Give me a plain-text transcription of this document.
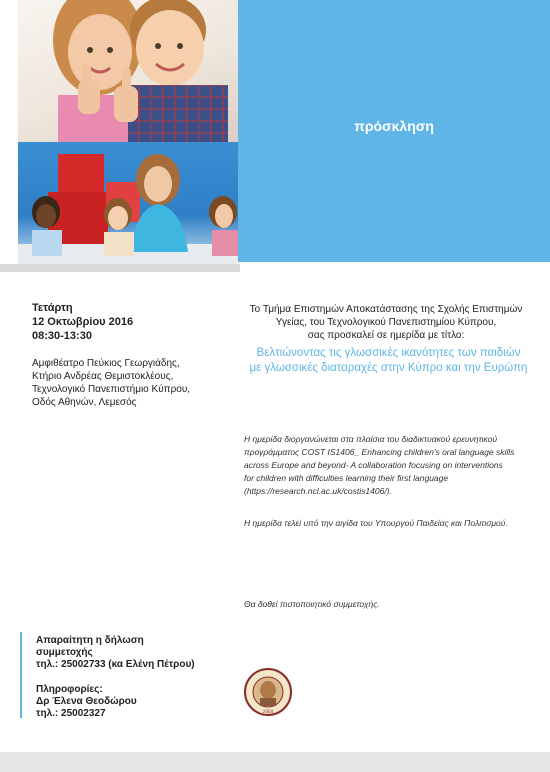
πρόσκληση
Τετάρτη
12 Οκτωβρίου 2016
08:30-13:30
Αμφιθέατρο Πεύκιος Γεωργιάδης,
Κτήριο Ανδρέας Θεμιστοκλέους,
Τεχνολογικό Πανεπιστήμιο Κύπρου,
Οδός Αθηνών, Λεμεσός
Το Τμήμα Επιστημών Αποκατάστασης της Σχολής Επιστημών
Υγείας, του Τεχνολογικού Πανεπιστημίου Κύπρου,
σας προσκαλεί σε ημερίδα με τίτλο:
Βελτιώνοντας τις γλωσσικές ικανότητες των παιδιών
με γλωσσικές διαταραχές στην Κύπρο και την Ευρώπη
Η ημερίδα διοργανώνεται στα πλαίσια του διαδικτυακού ερευνητικού
προγράμματος COST IS1406_ Enhancing children's oral language skills
across Europe and beyond- A collaboration focusing on interventions
for children with difficulties learning their first language
(https://research.ncl.ac.uk/costis1406/).
Η ημερίδα τελεί υπό την αιγίδα του Υπουργού Παιδείας και Πολιτισμού.
Θα δοθεί πιστοποιητικό συμμετοχής.
Απαραίτητη η δήλωση
συμμετοχής
τηλ.: 25002733 (κα Ελένη Πέτρου)
Πληροφορίες:
Δρ Έλενα Θεοδώρου
τηλ.: 25002327	2004
